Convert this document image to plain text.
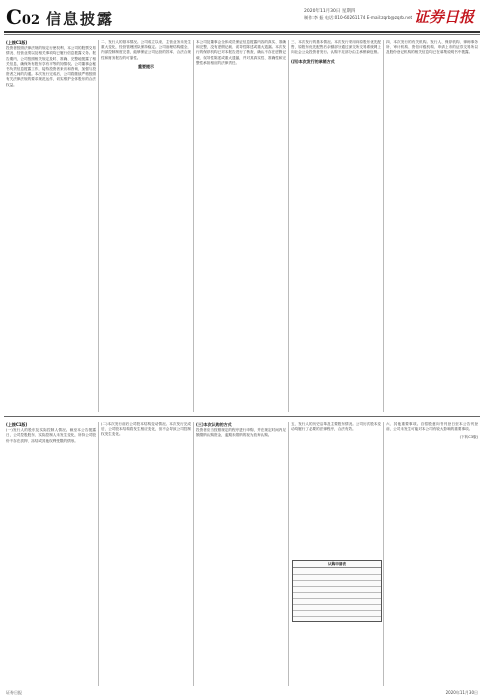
C02 信息披露	2020年11月30日 星期四
制作:李 振 电话:010-60261174 E-mail:zqrb@zqrb.net 证券日报
(上接C1版)
投资者按照法律法规的规定行使权利，本公司的股票交易情况、经营业绩以及相关事项均已履行信息披露义务。报告期内，公司按照相关规定及时、准确、完整地披露了相关信息，确保所有股东享有平等的知情权。公司董事会秘书负责信息披露工作，接待投资者来访和咨询，加强与投资者之间的沟通。本次发行完成后，公司将继续严格按照有关法律法规的要求规范运作，切实维护全体股东的合法权益。
二、发行人的基本情况。公司成立以来，主营业务未发生重大变化，经营管理团队保持稳定。公司治理结构健全，内部控制制度完善，能够保证公司运营的效率、合法合规性和财务报告的可靠性。
重要提示
本公司及董事会全体成员保证信息披露内容的真实、准确和完整，没有虚假记载、误导性陈述或重大遗漏。本次发行的保荐机构已对本报告进行了核查，确认不存在虚假记载、误导性陈述或重大遗漏，并对其真实性、准确性和完整性承担相应的法律责任。
三、本次发行的基本情况。本次发行采用向原股东优先配售，原股东优先配售后余额部分通过深交所交易系统网上向社会公众投资者发行。认购不足部分由主承销商包销。
(四)本次发行的承销方式
四、本次发行的有关机构。发行人、保荐机构、律师事务所、审计机构、资信评级机构、申请上市的证券交易所以及股份登记机构的相关信息均已在募集说明书中披露。
(上接C1版)
(一)发行人的股东及实际控制人情况。截至本公告披露日，公司控股股东、实际控制人未发生变化，所持公司股份不存在质押、冻结或其他权利受限的情形。
(二)本次发行前后公司股本结构变动情况。本次发行完成后，公司股本结构将发生相应变化，但不会导致公司控制权发生变化。
(三)本次认购的方式
投资者应当按照规定的程序进行申购，并在规定时间内足额缴纳认购资金，逾期未缴纳的视为放弃认购。
五、发行人的历史沿革及主要股东情况。公司历次股本变动均履行了必要的法律程序，合法有效。
认购申请表
六、其他重要事项。自招股意向书刊登日至本公告刊登前，公司未发生可能对本公司有较大影响的重要事项。
(下转C3版)
证券日报	2020年11月30日
